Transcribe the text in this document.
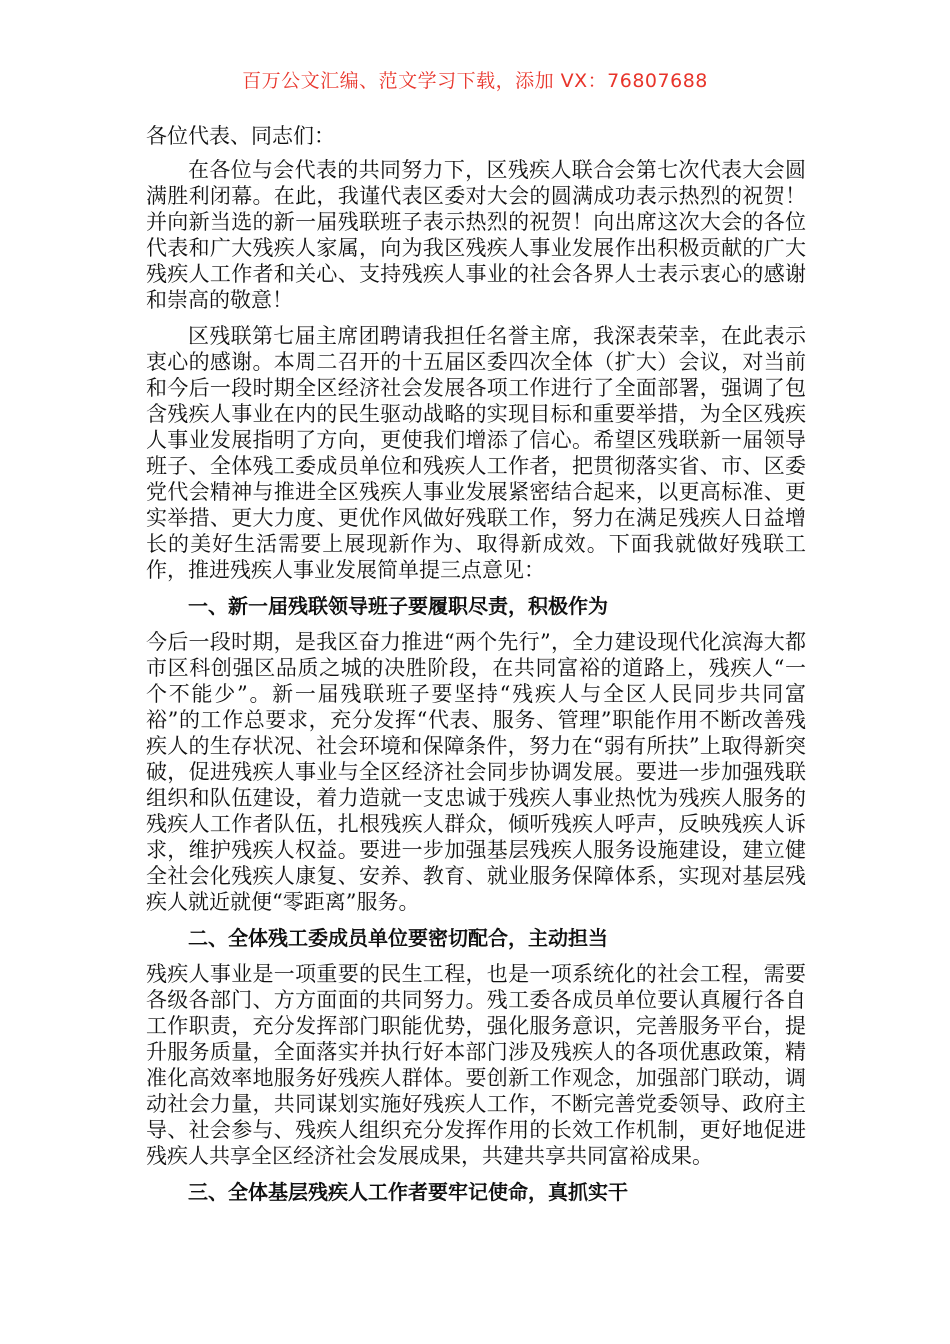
百万公文汇编、范文学习下载，添加 VX：76807688

各位代表、同志们：

在各位与会代表的共同努力下，区残疾人联合会第七次代表大会圆满胜利闭幕。在此，我谨代表区委对大会的圆满成功表示热烈的祝贺！并向新当选的新一届残联班子表示热烈的祝贺！向出席这次大会的各位代表和广大残疾人家属，向为我区残疾人事业发展作出积极贡献的广大残疾人工作者和关心、支持残疾人事业的社会各界人士表示衷心的感谢和崇高的敬意！

区残联第七届主席团聘请我担任名誉主席，我深表荣幸，在此表示衷心的感谢。本周二召开的十五届区委四次全体（扩大）会议，对当前和今后一段时期全区经济社会发展各项工作进行了全面部署，强调了包含残疾人事业在内的民生驱动战略的实现目标和重要举措，为全区残疾人事业发展指明了方向，更使我们增添了信心。希望区残联新一届领导班子、全体残工委成员单位和残疾人工作者，把贯彻落实省、市、区委党代会精神与推进全区残疾人事业发展紧密结合起来，以更高标准、更实举措、更大力度、更优作风做好残联工作，努力在满足残疾人日益增长的美好生活需要上展现新作为、取得新成效。下面我就做好残联工作，推进残疾人事业发展简单提三点意见：

一、新一届残联领导班子要履职尽责，积极作为

今后一段时期，是我区奋力推进“两个先行”，全力建设现代化滨海大都市区科创强区品质之城的决胜阶段，在共同富裕的道路上，残疾人“一个不能少”。新一届残联班子要坚持“残疾人与全区人民同步共同富裕”的工作总要求，充分发挥“代表、服务、管理”职能作用不断改善残疾人的生存状况、社会环境和保障条件，努力在“弱有所扶”上取得新突破，促进残疾人事业与全区经济社会同步协调发展。要进一步加强残联组织和队伍建设，着力造就一支忠诚于残疾人事业热忱为残疾人服务的残疾人工作者队伍，扎根残疾人群众，倾听残疾人呼声，反映残疾人诉求，维护残疾人权益。要进一步加强基层残疾人服务设施建设，建立健全社会化残疾人康复、安养、教育、就业服务保障体系，实现对基层残疾人就近就便“零距离”服务。

二、全体残工委成员单位要密切配合，主动担当

残疾人事业是一项重要的民生工程，也是一项系统化的社会工程，需要各级各部门、方方面面的共同努力。残工委各成员单位要认真履行各自工作职责，充分发挥部门职能优势，强化服务意识，完善服务平台，提升服务质量，全面落实并执行好本部门涉及残疾人的各项优惠政策，精准化高效率地服务好残疾人群体。要创新工作观念，加强部门联动，调动社会力量，共同谋划实施好残疾人工作，不断完善党委领导、政府主导、社会参与、残疾人组织充分发挥作用的长效工作机制，更好地促进残疾人共享全区经济社会发展成果，共建共享共同富裕成果。

三、全体基层残疾人工作者要牢记使命，真抓实干
